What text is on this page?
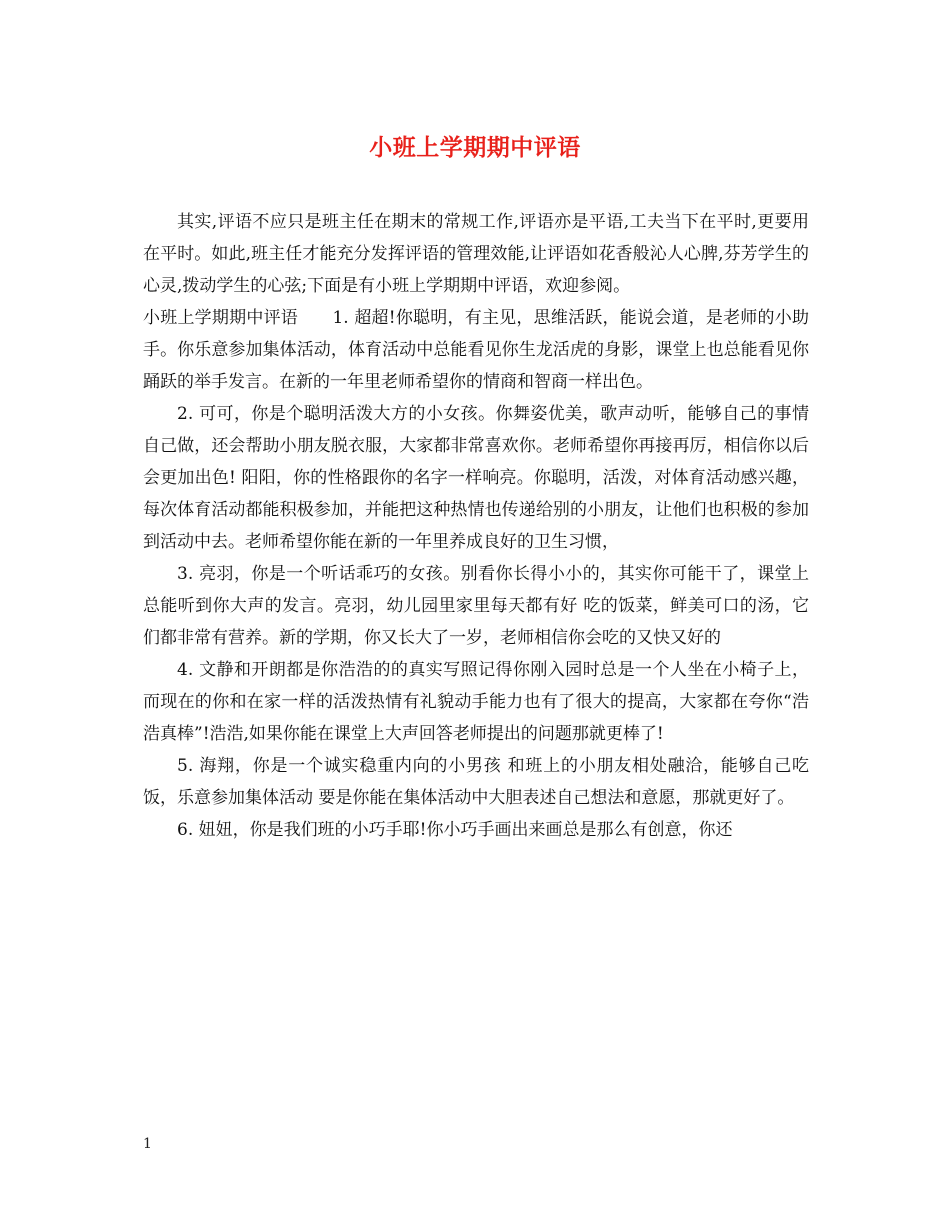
小班上学期期中评语

其实,评语不应只是班主任在期末的常规工作,评语亦是平语,工夫当下在平时,更要用在平时。如此,班主任才能充分发挥评语的管理效能,让评语如花香般沁人心脾,芬芳学生的心灵,拨动学生的心弦;下面是有小班上学期期中评语，欢迎参阅。

小班上学期期中评语　　1. 超超!你聪明，有主见，思维活跃，能说会道，是老师的小助手。你乐意参加集体活动，体育活动中总能看见你生龙活虎的身影，课堂上也总能看见你踊跃的举手发言。在新的一年里老师希望你的情商和智商一样出色。

2. 可可，你是个聪明活泼大方的小女孩。你舞姿优美，歌声动听，能够自己的事情自己做，还会帮助小朋友脱衣服，大家都非常喜欢你。老师希望你再接再厉，相信你以后会更加出色! 阳阳，你的性格跟你的名字一样响亮。你聪明，活泼，对体育活动感兴趣，每次体育活动都能积极参加，并能把这种热情也传递给别的小朋友，让他们也积极的参加到活动中去。老师希望你能在新的一年里养成良好的卫生习惯，

3. 亮羽，你是一个听话乖巧的女孩。别看你长得小小的，其实你可能干了，课堂上总能听到你大声的发言。亮羽，幼儿园里家里每天都有好 吃的饭菜，鲜美可口的汤，它们都非常有营养。新的学期，你又长大了一岁，老师相信你会吃的又快又好的

4. 文静和开朗都是你浩浩的的真实写照记得你刚入园时总是一个人坐在小椅子上，而现在的你和在家一样的活泼热情有礼貌动手能力也有了很大的提高，大家都在夸你“浩浩真棒”!浩浩,如果你能在课堂上大声回答老师提出的问题那就更棒了!

5. 海翔，你是一个诚实稳重内向的小男孩 和班上的小朋友相处融洽，能够自己吃饭，乐意参加集体活动 要是你能在集体活动中大胆表述自己想法和意愿，那就更好了。

6. 妞妞，你是我们班的小巧手耶!你小巧手画出来画总是那么有创意，你还

1
